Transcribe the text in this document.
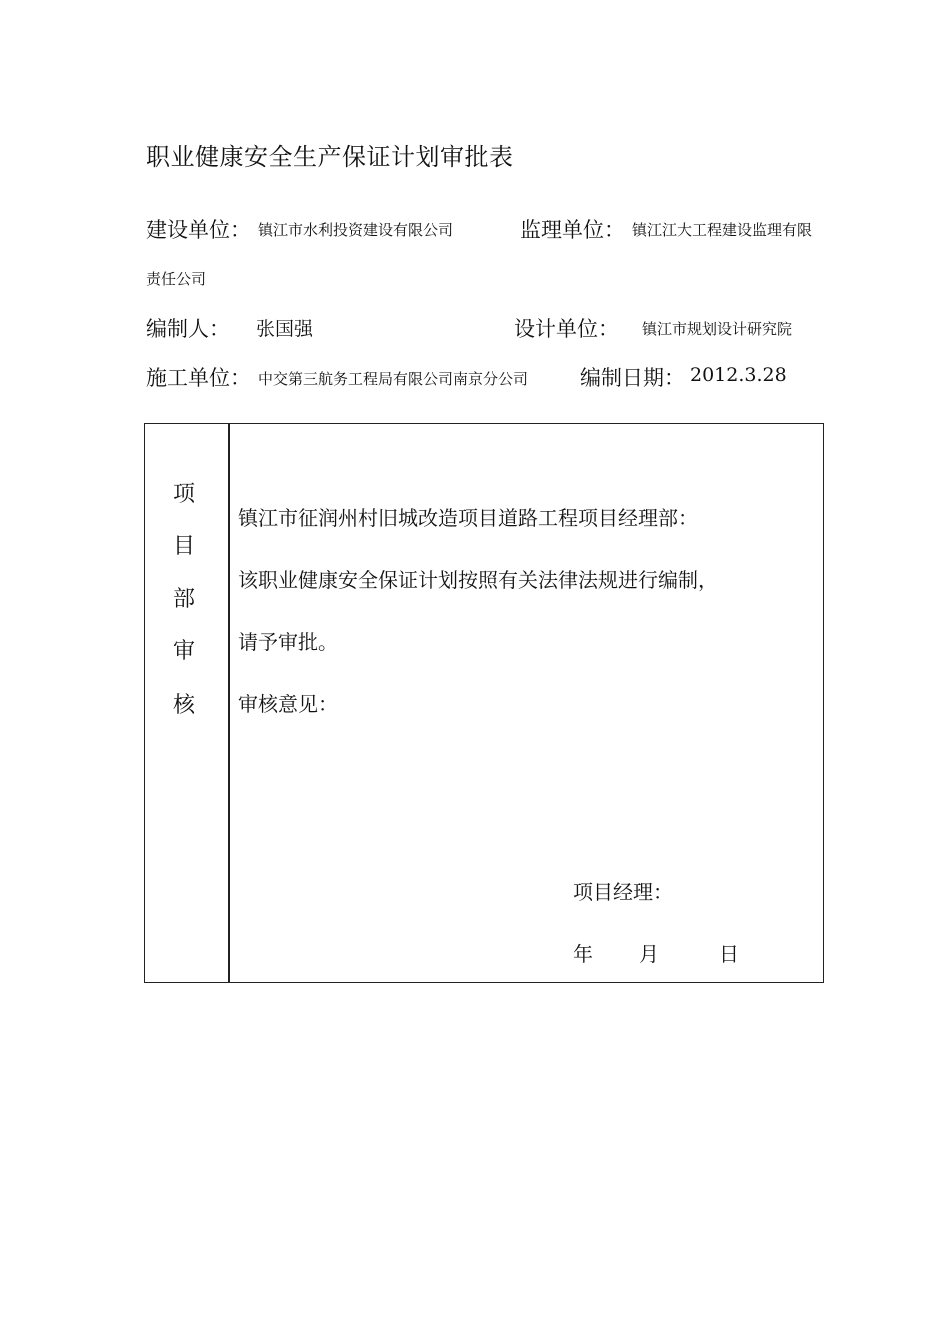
职业健康安全生产保证计划审批表
建设单位： 镇江市水利投资建设有限公司	监理单位： 镇江江大工程建设监理有限
责任公司
编制人： 张国强	设计单位： 镇江市规划设计研究院
施工单位： 中交第三航务工程局有限公司南京分公司 编制日期： 2012.3.28
项
目
部
审
核
镇江市征润州村旧城改造项目道路工程项目经理部：
该职业健康安全保证计划按照有关法律法规进行编制，
请予审批。
审核意见：
项目经理：
年 月	日
